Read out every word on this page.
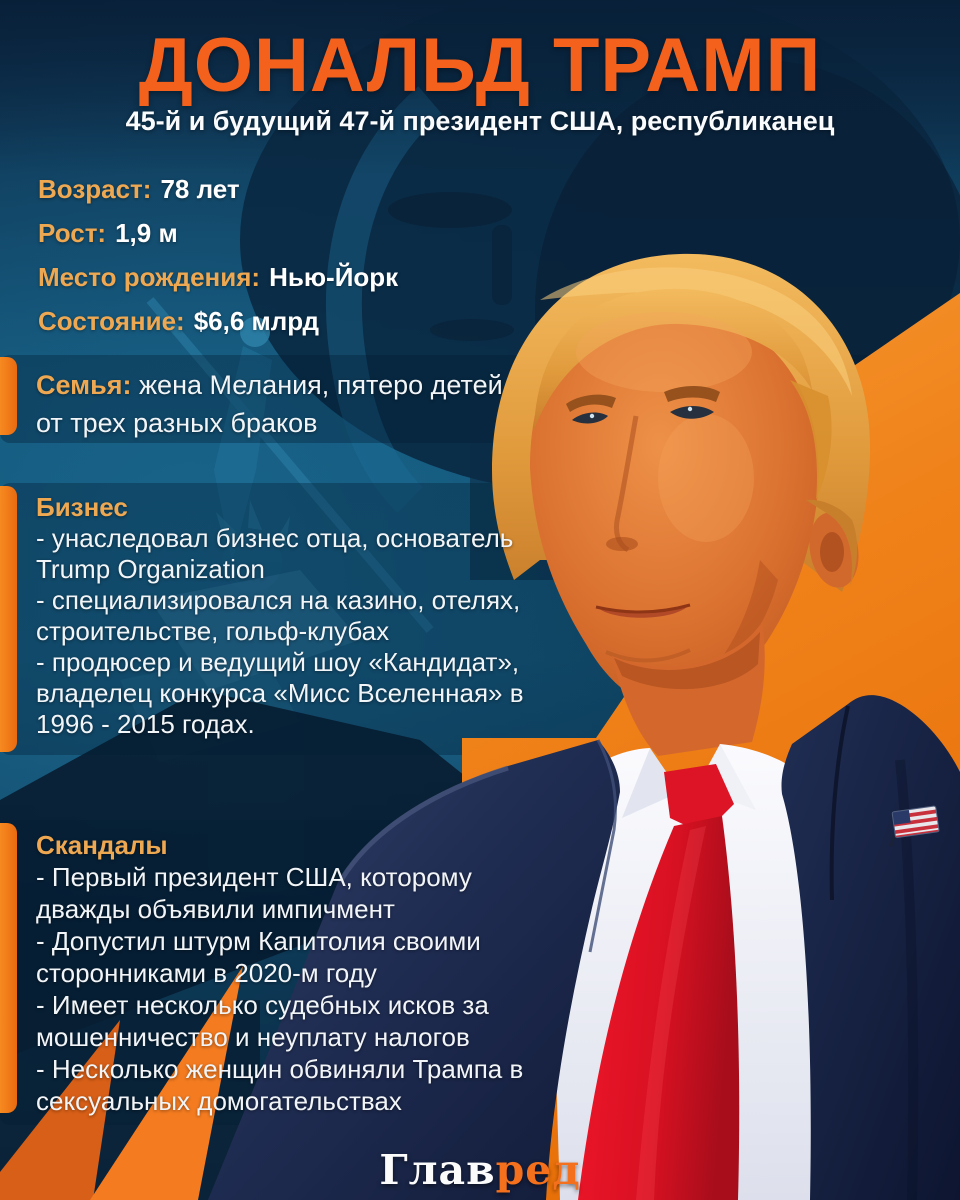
ДОНАЛЬД ТРАМП
45-й и будущий 47-й президент США, республиканец
Возраст: 78 лет
Рост: 1,9 м
Место рождения: Нью-Йорк
Состояние: $6,6 млрд
Семья: жена Мелания, пятеро детей от трех разных браков
Бизнес
- унаследовал бизнес отца, основатель Trump Organization
- специализировался на казино, отелях, строительстве, гольф-клубах
- продюсер и ведущий шоу «Кандидат», владелец конкурса «Мисс Вселенная» в 1996 - 2015 годах.
Скандалы
- Первый президент США, которому дважды объявили импичмент
- Допустил штурм Капитолия своими сторонниками в 2020-м году
- Имеет несколько судебных исков за мошенничество и неуплату налогов
- Несколько женщин обвиняли Трампа в сексуальных домогательствах
Главред
